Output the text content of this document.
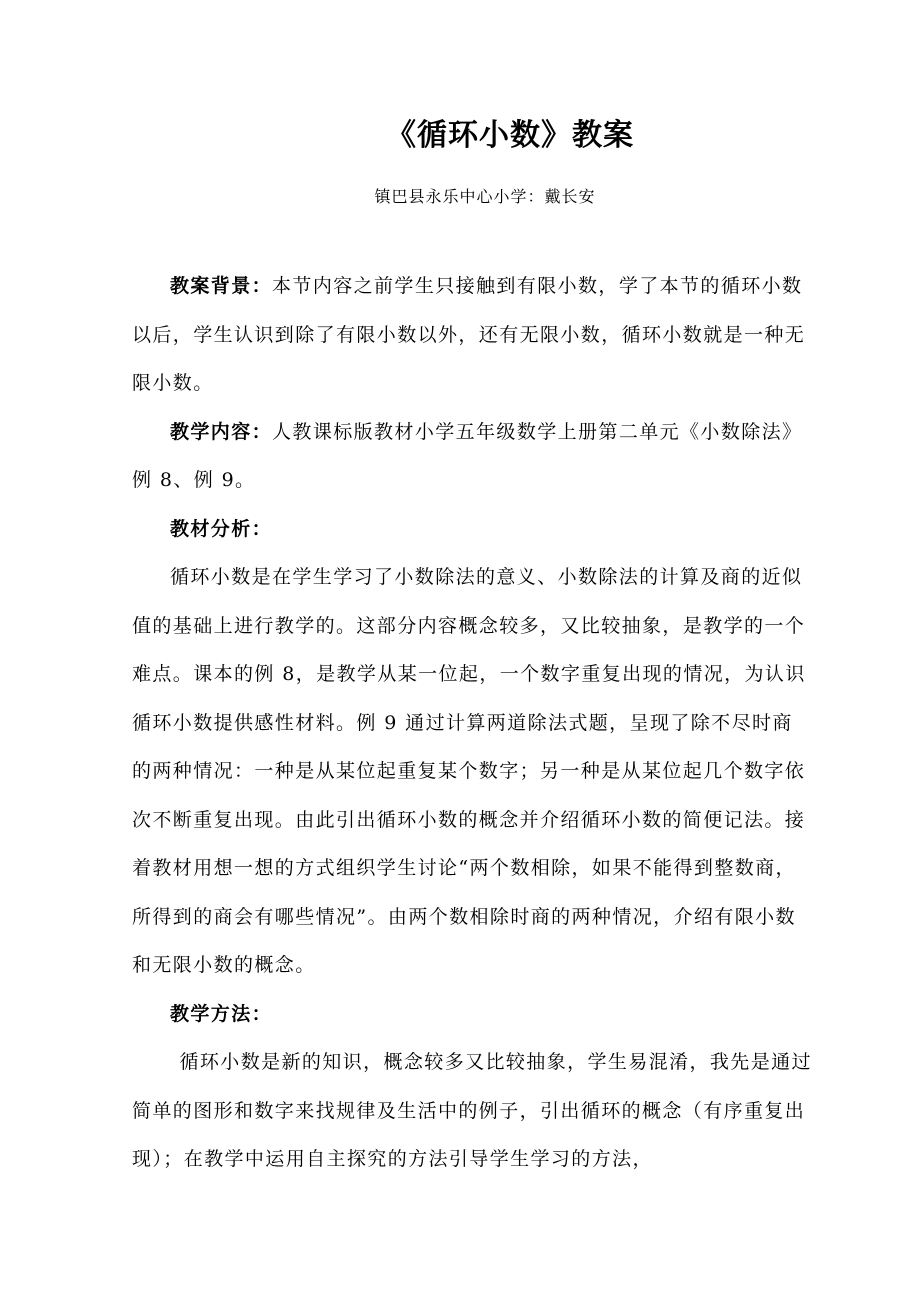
《循环小数》教案
镇巴县永乐中心小学：戴长安

教案背景：本节内容之前学生只接触到有限小数，学了本节的循环小数以后，学生认识到除了有限小数以外，还有无限小数，循环小数就是一种无限小数。

教学内容：人教课标版教材小学五年级数学上册第二单元《小数除法》例 8、例 9。

教材分析：

循环小数是在学生学习了小数除法的意义、小数除法的计算及商的近似值的基础上进行教学的。这部分内容概念较多，又比较抽象，是教学的一个难点。课本的例 8，是教学从某一位起，一个数字重复出现的情况，为认识循环小数提供感性材料。例 9 通过计算两道除法式题，呈现了除不尽时商的两种情况：一种是从某位起重复某个数字；另一种是从某位起几个数字依次不断重复出现。由此引出循环小数的概念并介绍循环小数的简便记法。接着教材用想一想的方式组织学生讨论“两个数相除，如果不能得到整数商，所得到的商会有哪些情况”。由两个数相除时商的两种情况，介绍有限小数和无限小数的概念。

教学方法：

循环小数是新的知识，概念较多又比较抽象，学生易混淆，我先是通过简单的图形和数字来找规律及生活中的例子，引出循环的概念（有序重复出现）；在教学中运用自主探究的方法引导学生学习的方法，
